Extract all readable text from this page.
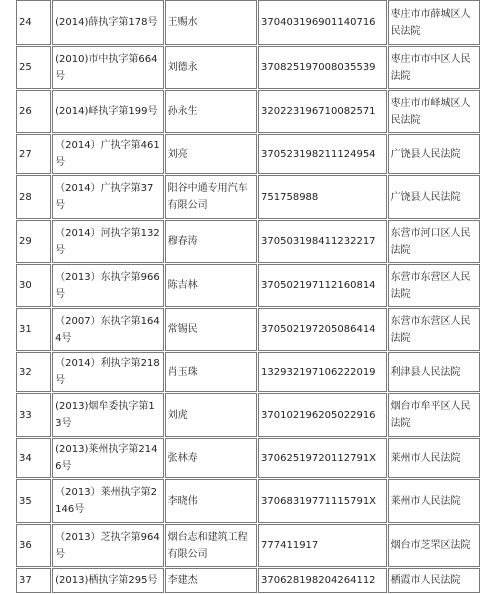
24	(2014)薛执字第178号	王赐水	370403196901140716	枣庄市市薛城区人民法院
25	(2010)市中执字第664号	刘德永	370825197008035539	枣庄市市中区人民法院
26	(2014)峄执字第199号	孙永生	320223196710082571	枣庄市市峄城区人民法院
27	（2014）广执字第461号	刘亮	370523198211124954	广饶县人民法院
28	（2014）广执字第37号	阳谷中通专用汽车有限公司	751758988	广饶县人民法院
29	（2014）河执字第132号	穆春涛	370503198411232217	东营市河口区人民法院
30	（2013）东执字第966号	陈吉林	370502197112160814	东营市东营区人民法院
31	（2007）东执字第1644号	常锡民	370502197205086414	东营市东营区人民法院
32	（2014）利执字第218号	肖玉珠	132932197106222019	利津县人民法院
33	(2013)烟牟委执字第13号	刘虎	370102196205022916	烟台市牟平区人民法院
34	(2013)莱州执字第2146号	张林寿	37062519720112791X	莱州市人民法院
35	（2013）莱州执字第2146号	李晓伟	37068319771115791X	莱州市人民法院
36	（2013）芝执字第964号	烟台志和建筑工程有限公司	777411917	烟台市芝罘区法院
37	(2013)栖执字第295号	李建杰	370628198204264112	栖霞市人民法院
